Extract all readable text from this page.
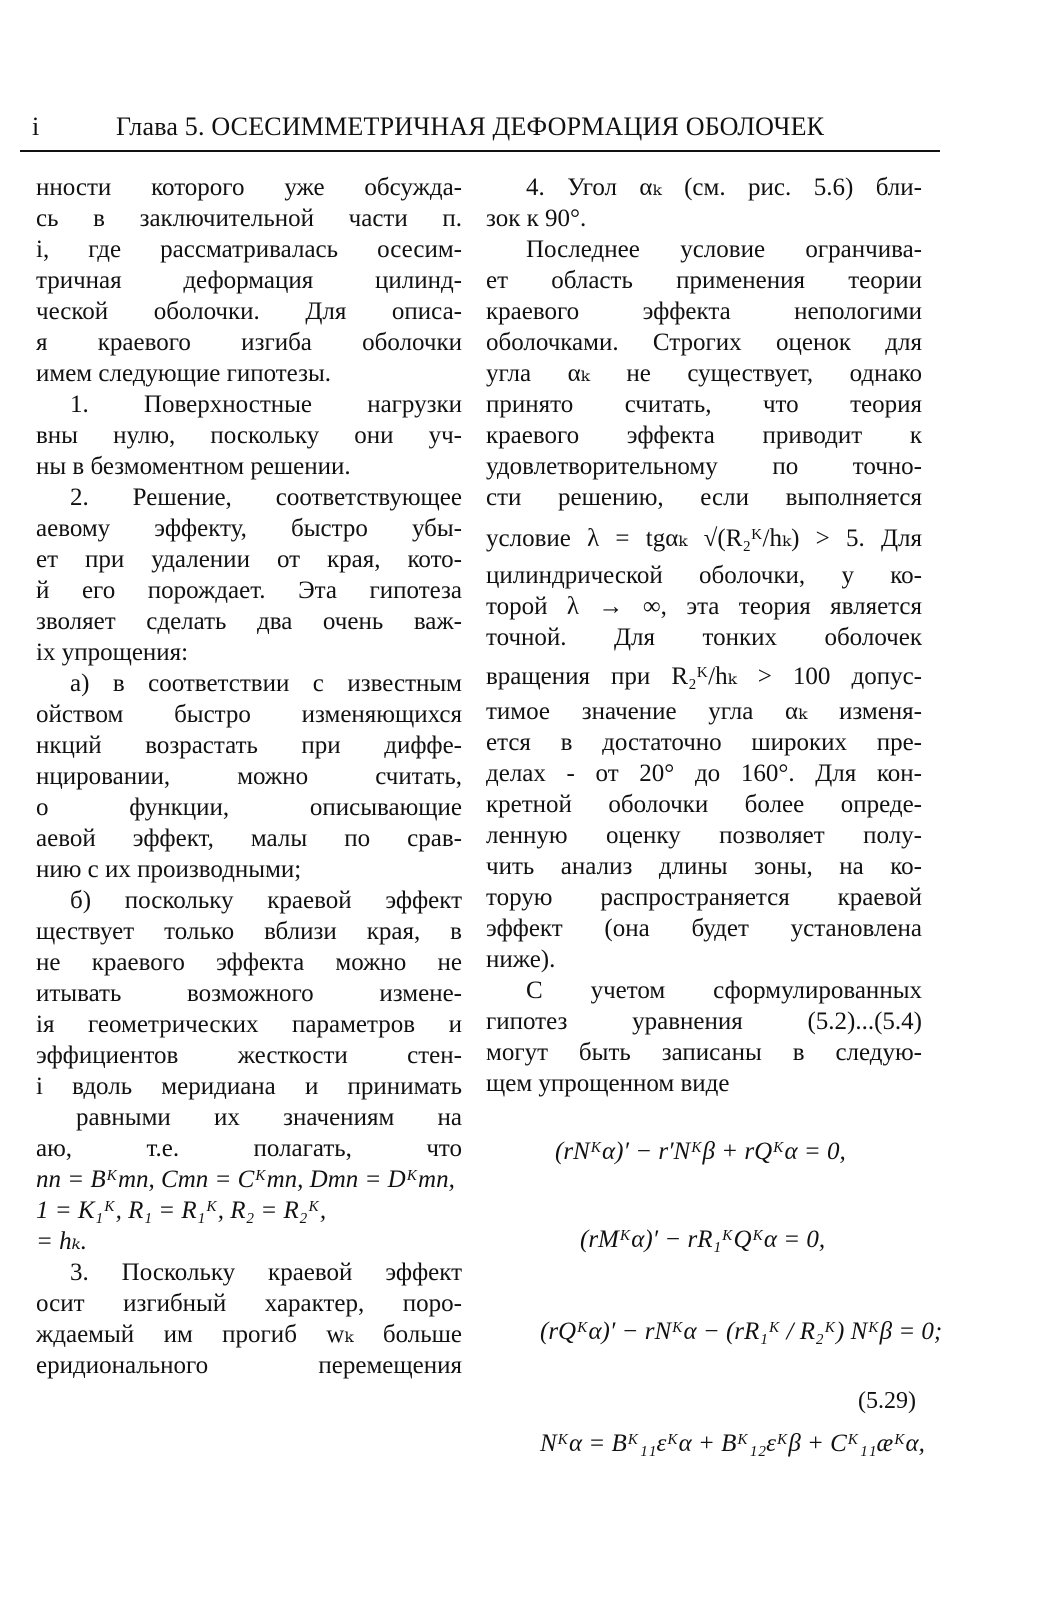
і	Глава 5. ОСЕСИММЕТРИЧНАЯ ДЕФОРМАЦИЯ ОБОЛОЧЕК
нности которого уже обсужда-
сь в заключительной части п.
і, где рассматривалась осесим-
тричная деформация цилинд-
ческой оболочки. Для описа-
я краевого изгиба оболочки
имем следующие гипотезы.
1. Поверхностные нагрузки
вны нулю, поскольку они уч-
ны в безмоментном решении.
2. Решение, соответствующее
аевому эффекту, быстро убы-
ет при удалении от края, кото-
й его порождает. Эта гипотеза
зволяет сделать два очень важ-
іх упрощения:
а) в соответствии с известным
ойством быстро изменяющихся
нкций возрастать при диффе-
нцировании, можно считать,
о функции, описывающие
аевой эффект, малы по срав-
нию с их производными;
б) поскольку краевой эффект
ществует только вблизи края, в
не краевого эффекта можно не
итывать возможного измене-
ія геометрических параметров и
эффициентов жесткости стен-
і вдоль меридиана и принимать
равными их значениям на
аю, т.е. полагать, что
nn = Bᴷmn, Cmn = Cᴷmn, Dmn = Dᴷmn,
1 = K₁ᴷ, R₁ = R₁ᴷ, R₂ = R₂ᴷ,
= hₖ.
3. Поскольку краевой эффект
осит изгибный характер, поро-
ждаемый им прогиб wₖ больше
еридионального перемещения
4. Угол αₖ (см. рис. 5.6) бли-
зок к 90°.
Последнее условие огранчива-
ет область применения теории
краевого эффекта непологими
оболочками. Строгих оценок для
угла αₖ не существует, однако
принято считать, что теория
краевого эффекта приводит к
удовлетворительному по точно-
сти решению, если выполняется
условие λ = tgαₖ √(R₂ᴷ/hₖ) > 5. Для
цилиндрической оболочки, у ко-
торой λ → ∞, эта теория является
точной. Для тонких оболочек
вращения при R₂ᴷ/hₖ > 100 допус-
тимое значение угла αₖ изменя-
ется в достаточно широких пре-
делах - от 20° до 160°. Для кон-
кретной оболочки более опреде-
ленную оценку позволяет полу-
чить анализ длины зоны, на ко-
торую распространяется краевой
эффект (она будет установлена
ниже).
С учетом сформулированных
гипотез уравнения (5.2)...(5.4)
могут быть записаны в следую-
щем упрощенном виде
(rNᴷα)′ − r′Nᴷβ + rQᴷα = 0,
(rMᴷα)′ − rR₁ᴷQᴷα = 0,
(rQᴷα)′ − rNᴷα − (rR₁ᴷ / R₂ᴷ) Nᴷβ = 0;
(5.29)
Nᴷα = Bᴷ₁₁εᴷα + Bᴷ₁₂εᴷβ + Cᴷ₁₁æᴷα,
